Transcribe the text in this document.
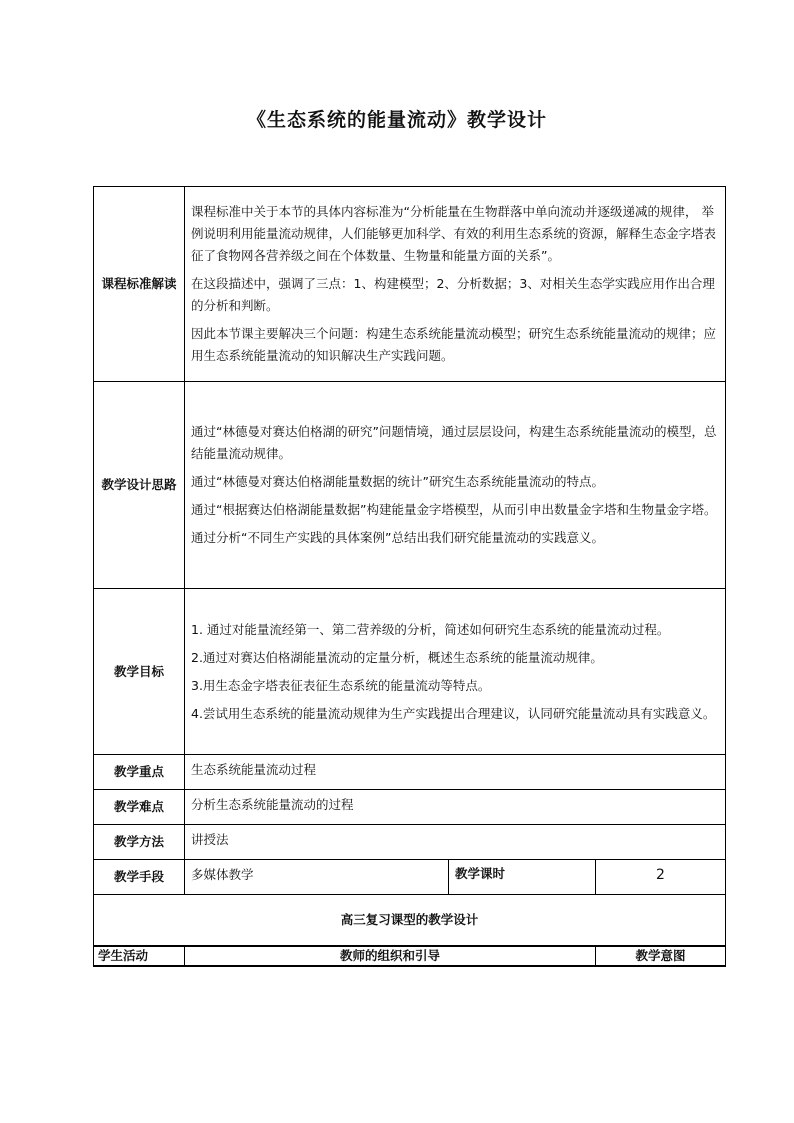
《生态系统的能量流动》教学设计
课程标准解读	课程标准中关于本节的具体内容标准为“分析能量在生物群落中单向流动并逐级递减的规律， 举例说明利用能量流动规律，人们能够更加科学、有效的利用生态系统的资源，解释生态金字塔表征了食物网各营养级之间在个体数量、生物量和能量方面的关系”。

在这段描述中，强调了三点：1、构建模型；2、分析数据；3、对相关生态学实践应用作出合理的分析和判断。

因此本节课主要解决三个问题：构建生态系统能量流动模型；研究生态系统能量流动的规律；应用生态系统能量流动的知识解决生产实践问题。		

教学设计思路	通过“林德曼对赛达伯格湖的研究”问题情境，通过层层设问，构建生态系统能量流动的模型，总结能量流动规律。

通过“林德曼对赛达伯格湖能量数据的统计”研究生态系统能量流动的特点。

通过“根据赛达伯格湖能量数据”构建能量金字塔模型，从而引申出数量金字塔和生物量金字塔。

通过分析“不同生产实践的具体案例”总结出我们研究能量流动的实践意义。		

教学目标	1. 通过对能量流经第一、第二营养级的分析，简述如何研究生态系统的能量流动过程。

2.通过对赛达伯格湖能量流动的定量分析，概述生态系统的能量流动规律。

3.用生态金字塔表征表征生态系统的能量流动等特点。

4.尝试用生态系统的能量流动规律为生产实践提出合理建议，认同研究能量流动具有实践意义。		

教学重点	生态系统能量流动过程		
教学难点	分析生态系统能量流动的过程		
教学方法	讲授法		
教学手段	多媒体教学	教学课时	2
高三复习课型的教学设计			
学生活动	教师的组织和引导		教学意图
